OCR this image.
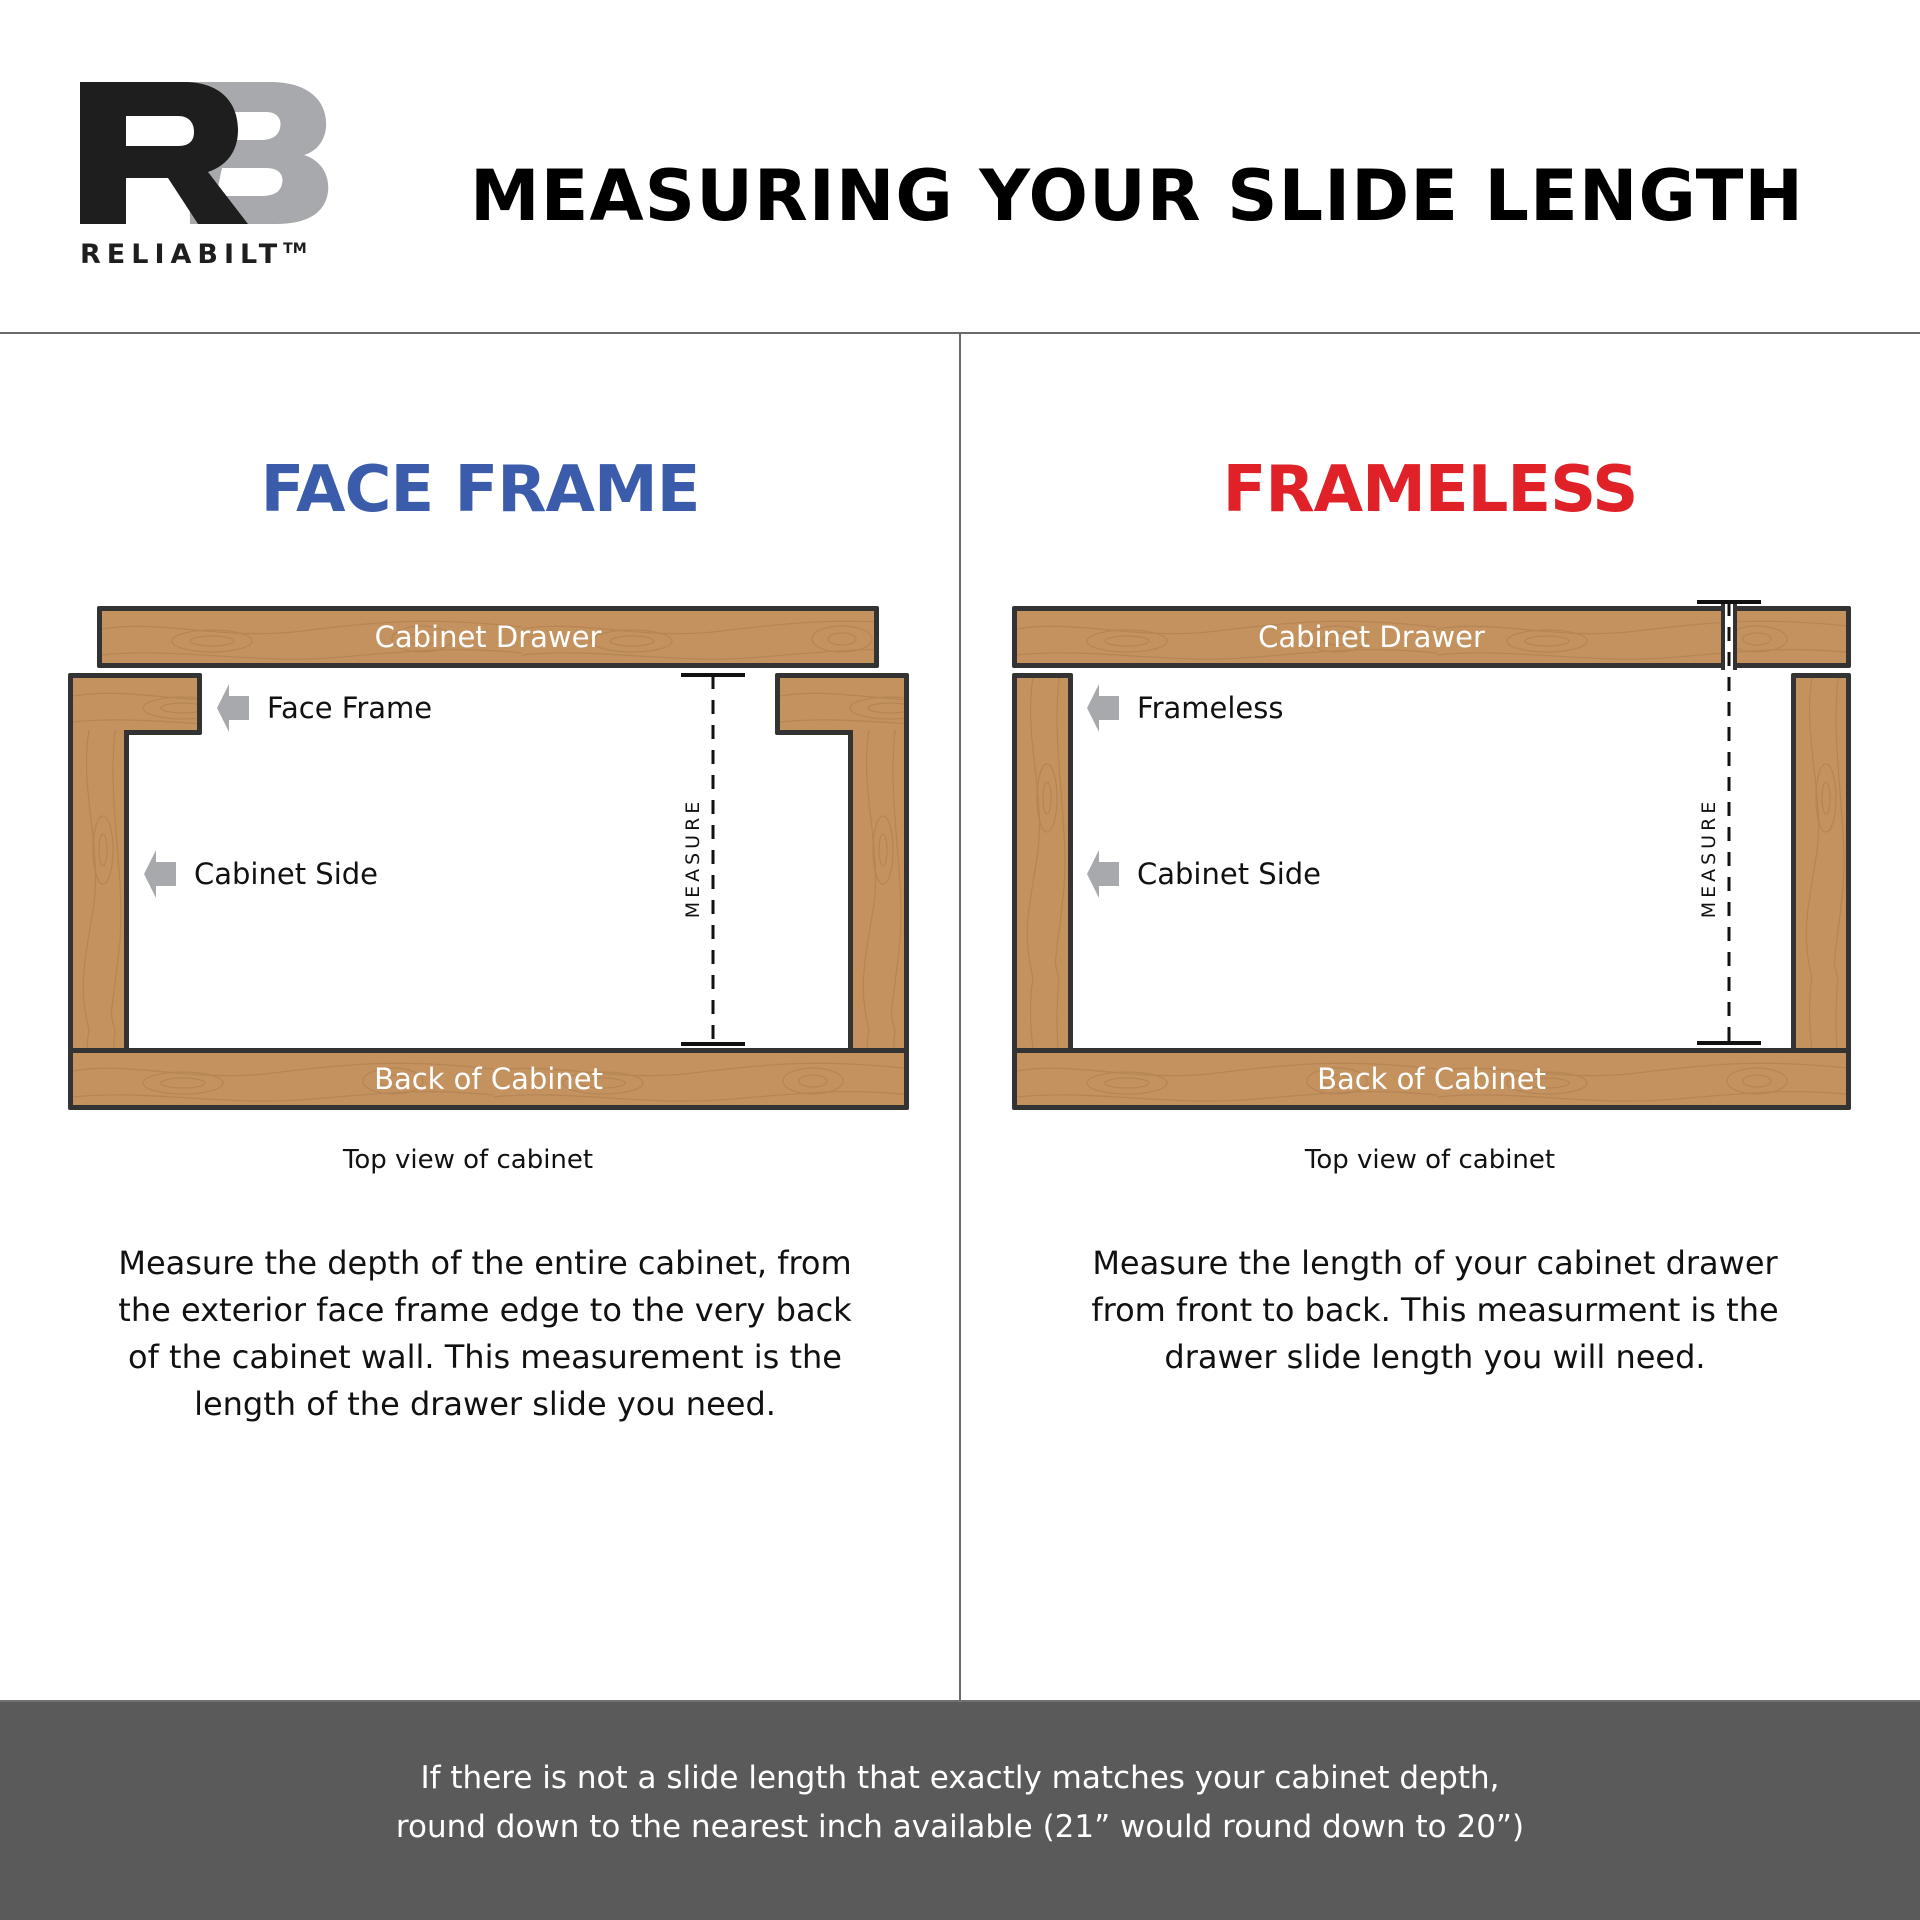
RELIABILT™
MEASURING YOUR SLIDE LENGTH
FACE FRAME
Cabinet Drawer
Back of Cabinet
Face Frame
Cabinet Side	MEASURE
Top view of cabinet
Measure the depth of the entire cabinet, from
the exterior face frame edge to the very back
of the cabinet wall. This measurement is the
length of the drawer slide you need.
FRAMELESS
Cabinet Drawer
Back of Cabinet
Frameless
Cabinet Side	MEASURE
Top view of cabinet
Measure the length of your cabinet drawer
from front to back. This measurment is the
drawer slide length you will need.
If there is not a slide length that exactly matches your cabinet depth,
round down to the nearest inch available (21” would round down to 20”)
